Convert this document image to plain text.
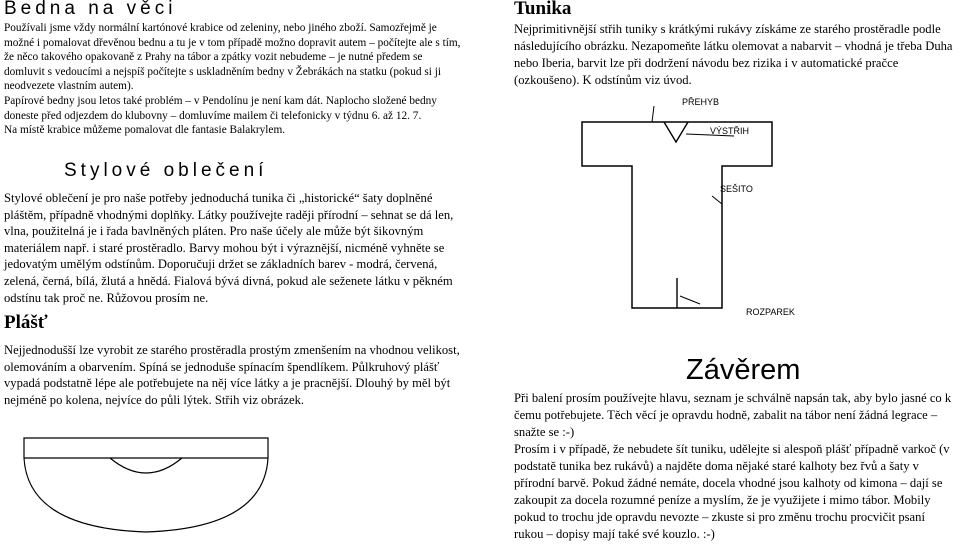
Bedna na věci

Používali jsme vždy normální kartónové krabice od zeleniny, nebo jiného zboží. Samozřejmě je možné i pomalovat dřevěnou bednu a tu je v tom případě možno dopravit autem – počítejte ale s tím, že něco takového opakovaně z Prahy na tábor a zpátky vozit nebudeme – je nutné předem se domluvit s vedoucími a nejspíš počítejte s uskladněním bedny v Žebrákách na statku (pokud si ji neodvezete vlastním autem).

Papírové bedny jsou letos také problém – v Pendolínu je není kam dát. Naplocho složené bedny doneste před odjezdem do klubovny – domluvíme mailem či telefonicky v týdnu 6. až 12. 7.

Na místě krabice můžeme pomalovat dle fantasie Balakrylem.

Stylové oblečení

Stylové oblečení je pro naše potřeby jednoduchá tunika či „historické“ šaty doplněné pláštěm, případně vhodnými doplňky. Látky používejte raději přírodní – sehnat se dá len, vlna, použitelná je i řada bavlněných pláten. Pro naše účely ale může být šikovným materiálem např. i staré prostěradlo. Barvy mohou být i výraznější, nicméně vyhněte se jedovatým umělým odstínům. Doporučuji držet se základních barev - modrá, červená, zelená, černá, bílá, žlutá a hnědá. Fialová bývá divná, pokud ale seženete látku v pěkném odstínu tak proč ne. Růžovou prosím ne.

Plášť

Nejjednodušší lze vyrobit ze starého prostěradla prostým zmenšením na vhodnou velikost, olemováním a obarvením. Spíná se jednoduše spínacím špendlíkem. Půlkruhový plášť vypadá podstatně lépe ale potřebujete na něj více látky a je pracnější. Dlouhý by měl být nejméně po kolena, nejvíce do půli lýtek. Střih viz obrázek.

Tunika

Nejprimitivnější střih tuniky s krátkými rukávy získáme ze starého prostěradle podle následujícího obrázku. Nezapomeňte látku olemovat a nabarvit – vhodná je třeba Duha nebo Iberia, barvit lze při dodržení návodu bez rizika i v automatické pračce (ozkoušeno). K odstínům viz úvod.

PŘEHYB
VÝSTŘIH
SEŠITO
ROZPAREK
Závěrem

Při balení prosím používejte hlavu, seznam je schválně napsán tak, aby bylo jasné co k čemu potřebujete. Těch věcí je opravdu hodně, zabalit na tábor není žádná legrace – snažte se :-)

Prosím i v případě, že nebudete šít tuniku, udělejte si alespoň plášť případně varkoč (v podstatě tunika bez rukávů) a najděte doma nějaké staré kalhoty bez řvů a šaty v přírodní barvě. Pokud žádné nemáte, docela vhodné jsou kalhoty od kimona – dají se zakoupit za docela rozumné peníze a myslím, že je využijete i mimo tábor. Mobily pokud to trochu jde opravdu nevozte – zkuste si pro změnu trochu procvičit psaní rukou – dopisy mají také své kouzlo. :-)
